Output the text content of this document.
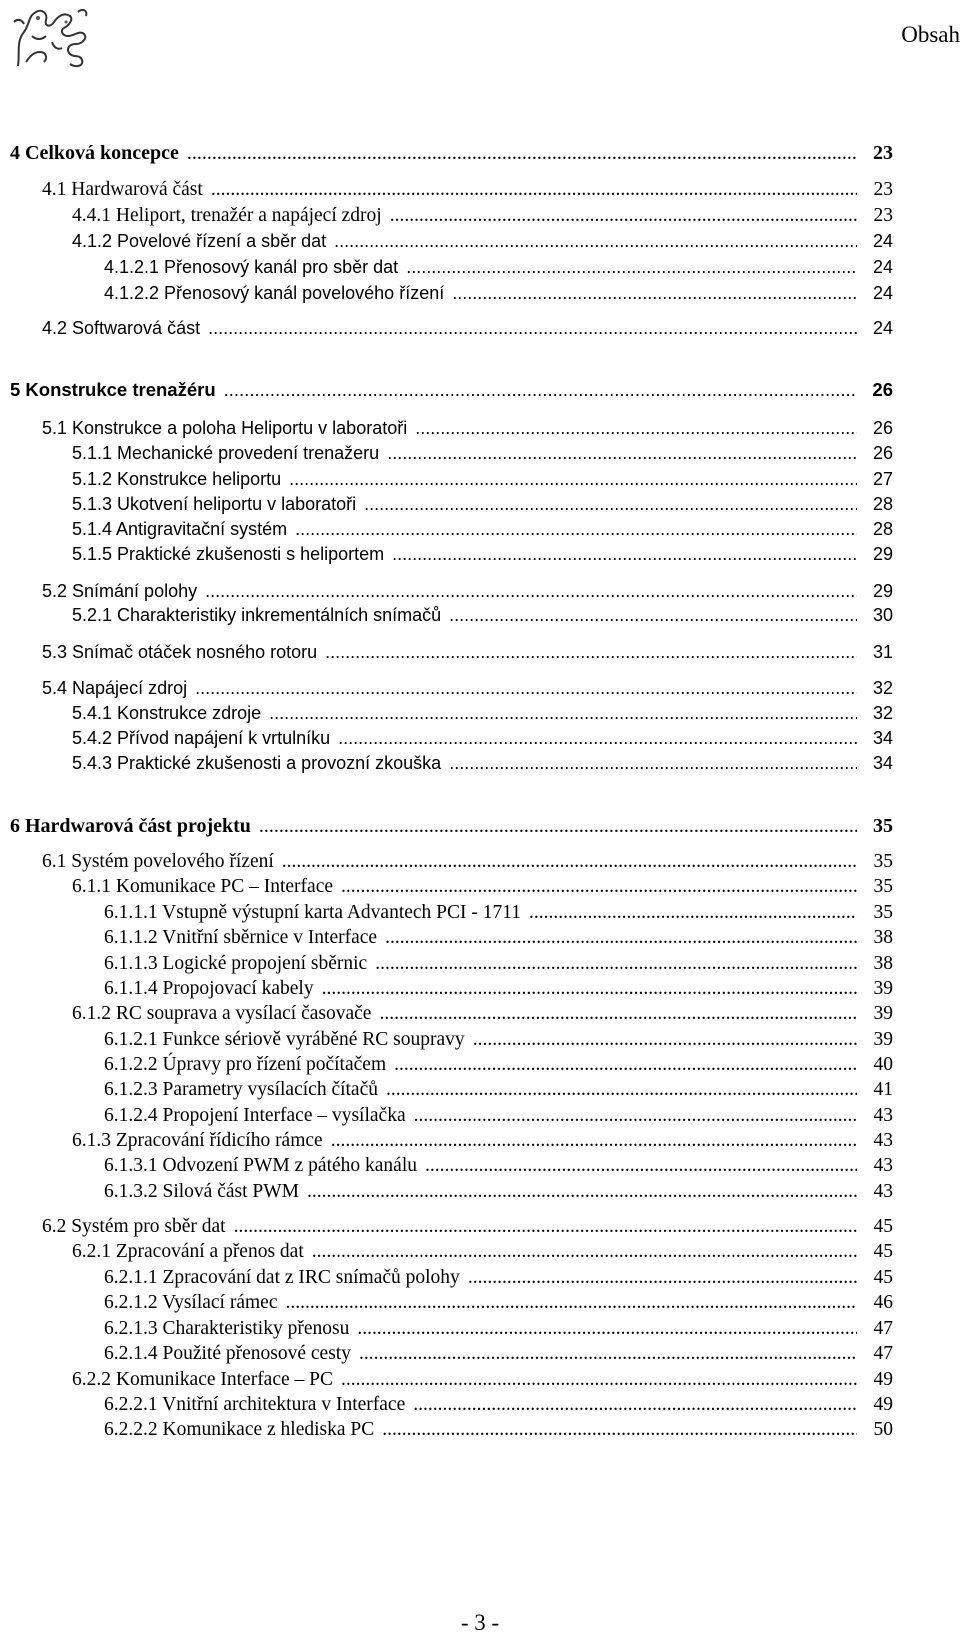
Obsah
4 Celková koncepce .....	23
4.1 Hardwarová část .....	23
4.4.1 Heliport, trenažér a napájecí zdroj .....	23
4.1.2 Povelové řízení a sběr dat .....	24
4.1.2.1 Přenosový kanál pro sběr dat .....	24
4.1.2.2 Přenosový kanál povelového řízení .....	24
4.2 Softwarová část .....	24
5 Konstrukce trenažéru .....	26
5.1 Konstrukce a poloha Heliportu v laboratoři .....	26
5.1.1 Mechanické provedení trenažeru .....	26
5.1.2 Konstrukce heliportu .....	27
5.1.3 Ukotvení heliportu v laboratoři .....	28
5.1.4 Antigravitační systém .....	28
5.1.5 Praktické zkušenosti s heliportem .....	29
5.2 Snímání polohy .....	29
5.2.1 Charakteristiky inkrementálních snímačů .....	30
5.3 Snímač otáček nosného rotoru .....	31
5.4 Napájecí zdroj .....	32
5.4.1 Konstrukce zdroje .....	32
5.4.2 Přívod napájení k vrtulníku .....	34
5.4.3 Praktické zkušenosti a provozní zkouška .....	34
6 Hardwarová část projektu .....	35
6.1 Systém povelového řízení .....	35
6.1.1 Komunikace PC – Interface .....	35
6.1.1.1 Vstupně výstupní karta Advantech PCI - 1711 .....	35
6.1.1.2 Vnitřní sběrnice v Interface .....	38
6.1.1.3 Logické propojení sběrnic .....	38
6.1.1.4 Propojovací kabely .....	39
6.1.2 RC souprava a vysílací časovače .....	39
6.1.2.1 Funkce sériově vyráběné RC soupravy .....	39
6.1.2.2 Úpravy pro řízení počítačem .....	40
6.1.2.3 Parametry vysílacích čítačů .....	41
6.1.2.4 Propojení Interface – vysílačka .....	43
6.1.3 Zpracování řídicího rámce .....	43
6.1.3.1 Odvození PWM z pátého kanálu .....	43
6.1.3.2 Silová část PWM .....	43
6.2 Systém pro sběr dat .....	45
6.2.1 Zpracování a přenos dat .....	45
6.2.1.1 Zpracování dat z IRC snímačů polohy .....	45
6.2.1.2 Vysílací rámec .....	46
6.2.1.3 Charakteristiky přenosu .....	47
6.2.1.4 Použité přenosové cesty .....	47
6.2.2 Komunikace Interface – PC .....	49
6.2.2.1 Vnitřní architektura v Interface .....	49
6.2.2.2 Komunikace z hlediska PC .....	50
- 3 -
